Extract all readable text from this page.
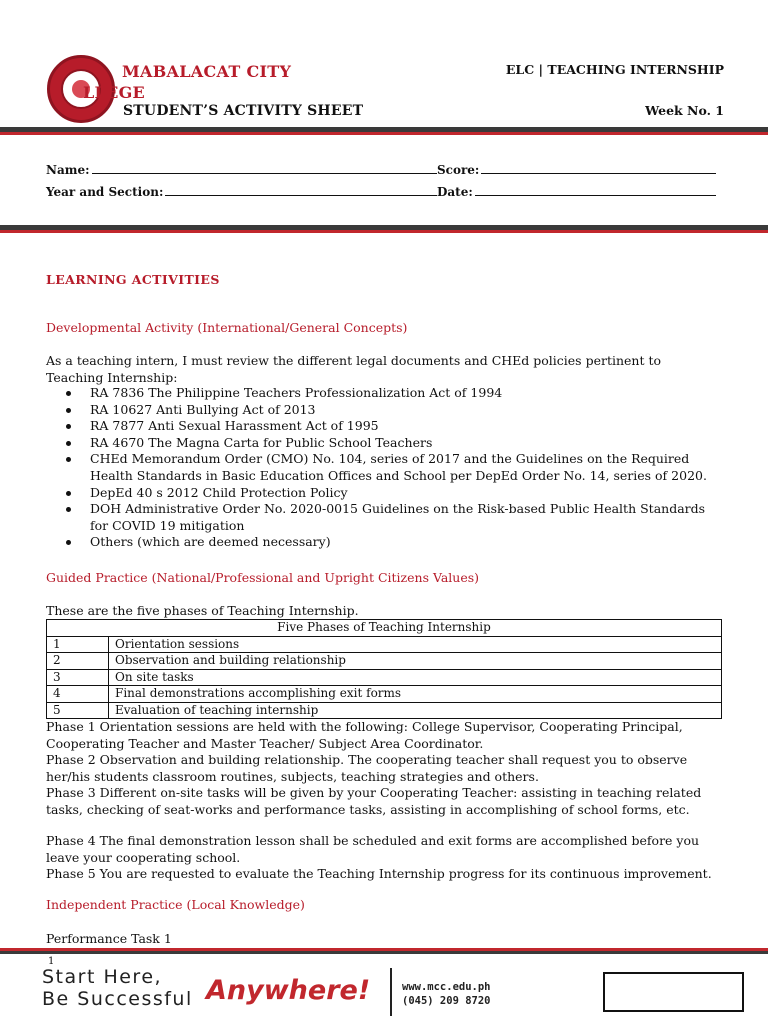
MABALACAT CITY
LLEGE
STUDENT’S ACTIVITY SHEET
ELC | TEACHING INTERNSHIP
Week No. 1
Name:	Score:
Year and Section:	Date:
LEARNING ACTIVITIES
Developmental Activity (International/General Concepts)
As a teaching intern, I must review the different legal documents and CHEd policies pertinent to Teaching Internship:
RA 7836 The Philippine Teachers Professionalization Act of 1994
RA 10627 Anti Bullying Act of 2013
RA 7877 Anti Sexual Harassment Act of 1995
RA 4670 The Magna Carta for Public School Teachers
CHEd Memorandum Order (CMO) No. 104, series of 2017 and the Guidelines on the Required Health Standards in Basic Education Offices and School per DepEd Order No. 14, series of 2020.
DepEd 40 s 2012 Child Protection Policy
DOH Administrative Order No. 2020-0015 Guidelines on the Risk-based Public Health Standards for COVID 19 mitigation
Others (which are deemed necessary)
Guided Practice (National/Professional and Upright Citizens Values)
These are the five phases of Teaching Internship.
Five Phases of Teaching Internship	
1	Orientation sessions
2	Observation and building relationship
3	On site tasks
4	Final demonstrations accomplishing exit forms
5	Evaluation of teaching internship
Phase 1 Orientation sessions are held with the following: College Supervisor, Cooperating Principal, Cooperating Teacher and Master Teacher/ Subject Area Coordinator.
Phase 2 Observation and building relationship. The cooperating teacher shall request you to observe her/his students classroom routines, subjects, teaching strategies and others.
Phase 3 Different on-site tasks will be given by your Cooperating Teacher: assisting in teaching related tasks, checking of seat-works and performance tasks, assisting in accomplishing of school forms, etc.
Phase 4 The final demonstration lesson shall be scheduled and exit forms are accomplished before you leave your cooperating school.
Phase 5 You are requested to evaluate the Teaching Internship progress for its continuous improvement.
Independent Practice (Local Knowledge)
Performance Task 1
1
Start Here,
Be Successful Anywhere!	www.mcc.edu.ph
(045) 209 8720
